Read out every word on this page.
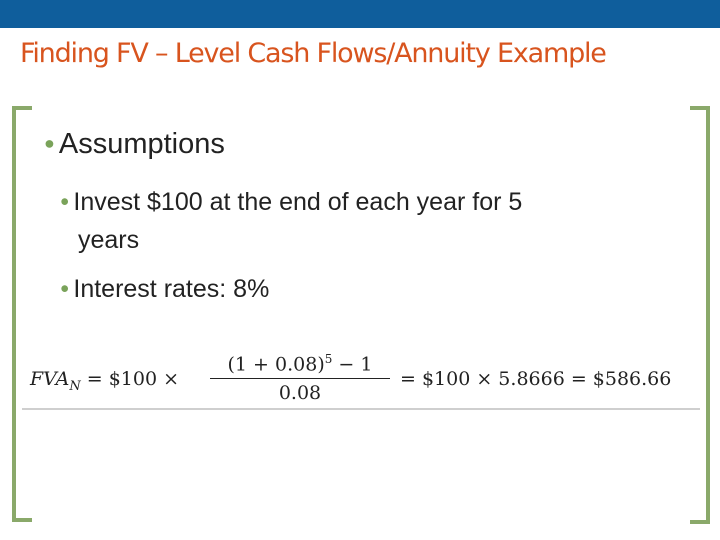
Finding FV – Level Cash Flows/Annuity Example
● Assumptions
● Invest $100 at the end of each year for 5
years
● Interest rates: 8%
$FVA_N$ = $100 ×
$(1 + 0.08)^5 - 1$
0.08
= $100 × 5.8666 = $586.66
